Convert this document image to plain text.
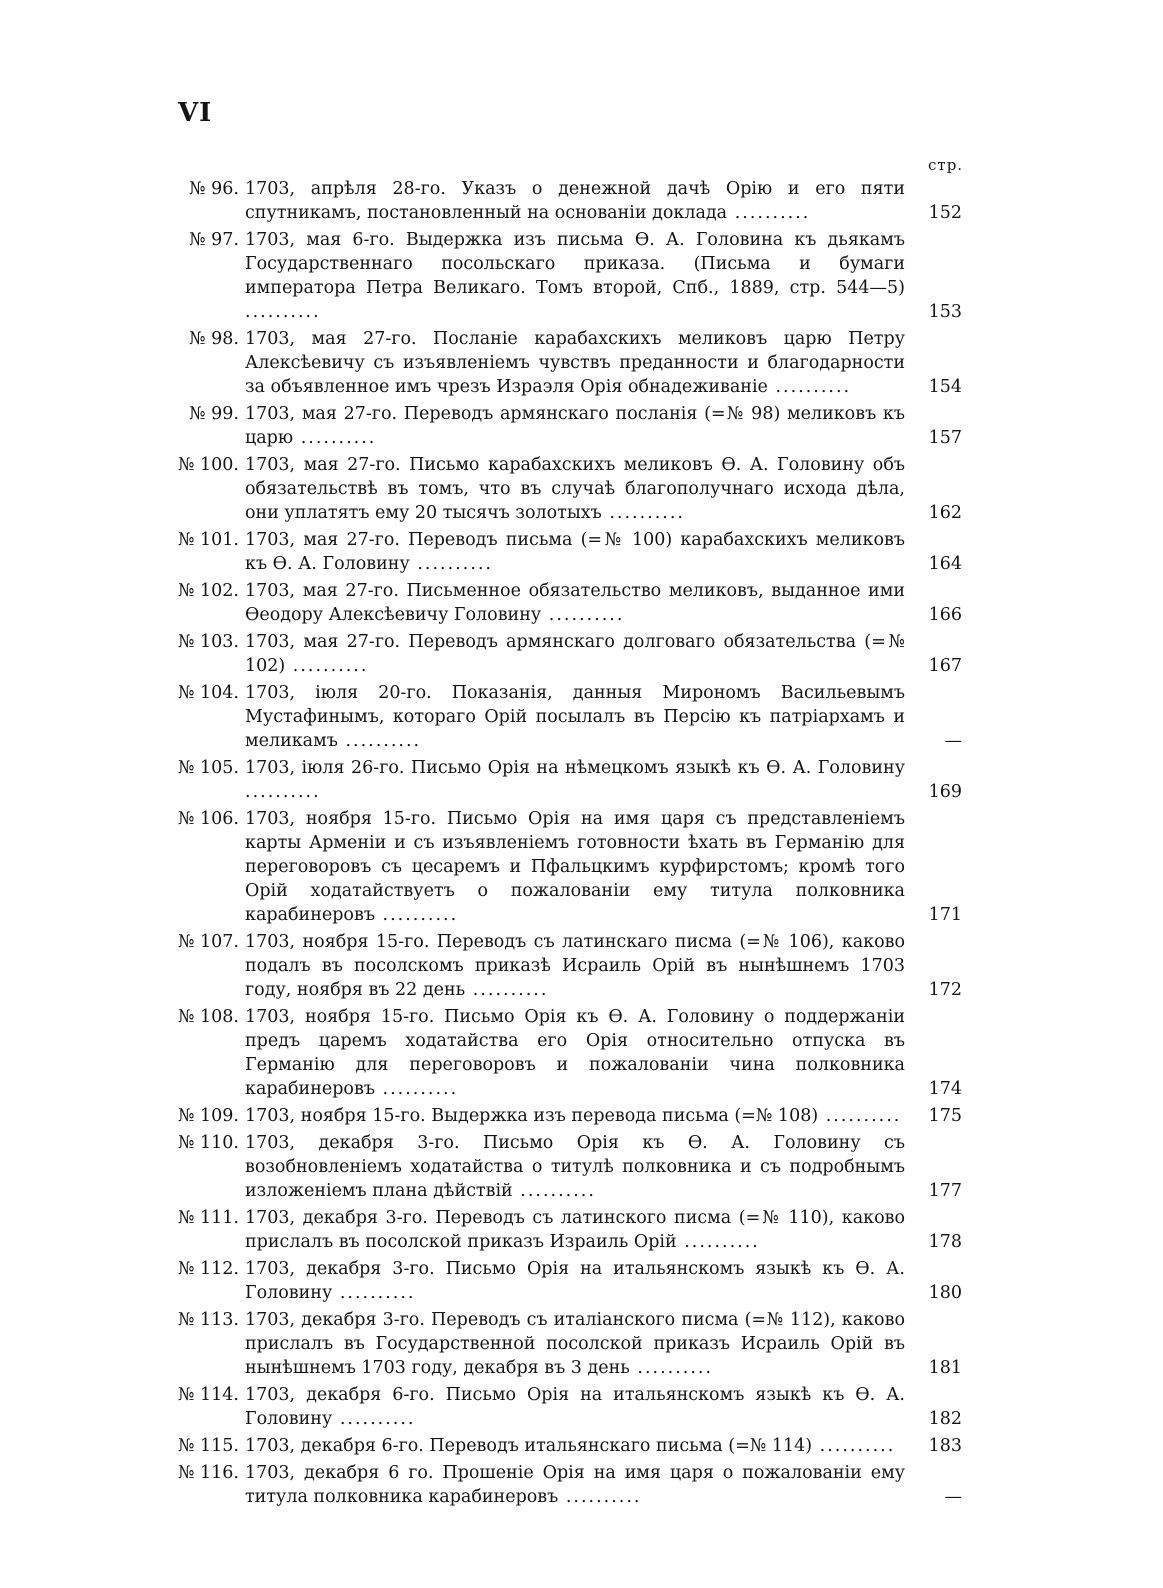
VI
стр.
№ 96. 1703, апрѣля 28-го. Указъ о денежной дачѣ Орію и его пяти спутникамъ, постановленный на основаніи доклада ..........	152
№ 97. 1703, мая 6-го. Выдержка изъ письма Ѳ. А. Головина къ дьякамъ Государственнаго посольскаго приказа. (Письма и бумаги императора Петра Великаго. Томъ второй, Спб., 1889, стр. 544—5) ..........	153
№ 98. 1703, мая 27-го. Посланіе карабахскихъ меликовъ царю Петру Алексѣевичу съ изъявленіемъ чувствъ преданности и благодарности за объявленное имъ чрезъ Израэля Орія обнадеживаніе ..........	154
№ 99. 1703, мая 27-го. Переводъ армянскаго посланія (=№ 98) меликовъ къ царю ..........	157
№ 100. 1703, мая 27-го. Письмо карабахскихъ меликовъ Ѳ. А. Головину объ обязательствѣ въ томъ, что въ случаѣ благополучнаго исхода дѣла, они уплатятъ ему 20 тысячъ золотыхъ ..........	162
№ 101. 1703, мая 27-го. Переводъ письма (=№ 100) карабахскихъ меликовъ къ Ѳ. А. Головину ..........	164
№ 102. 1703, мая 27-го. Письменное обязательство меликовъ, выданное ими Ѳеодору Алексѣевичу Головину ..........	166
№ 103. 1703, мая 27-го. Переводъ армянскаго долговаго обязательства (=№ 102) ..........	167
№ 104. 1703, іюля 20-го. Показанія, данныя Мирономъ Васильевымъ Мустафинымъ, котораго Орій посылалъ въ Персію къ патріархамъ и меликамъ ..........	—
№ 105. 1703, іюля 26-го. Письмо Орія на нѣмецкомъ языкѣ къ Ѳ. А. Головину ..........	169
№ 106. 1703, ноября 15-го. Письмо Орія на имя царя съ представленіемъ карты Арменіи и съ изъявленіемъ готовности ѣхать въ Германію для переговоровъ съ цесаремъ и Пфальцкимъ курфирстомъ; кромѣ того Орій ходатайствуетъ о пожалованіи ему титула полковника карабинеровъ ..........	171
№ 107. 1703, ноября 15-го. Переводъ съ латинскаго писма (=№ 106), каково подалъ въ посолскомъ приказѣ Исраиль Орій въ нынѣшнемъ 1703 году, ноября въ 22 день ..........	172
№ 108. 1703, ноября 15-го. Письмо Орія къ Ѳ. А. Головину о поддержаніи предъ царемъ ходатайства его Орія относительно отпуска въ Германію для переговоровъ и пожалованіи чина полковника карабинеровъ ..........	174
№ 109. 1703, ноября 15-го. Выдержка изъ перевода письма (=№ 108) ..........	175
№ 110. 1703, декабря 3-го. Письмо Орія къ Ѳ. А. Головину съ возобновленіемъ ходатайства о титулѣ полковника и съ подробнымъ изложеніемъ плана дѣйствій ..........	177
№ 111. 1703, декабря 3-го. Переводъ съ латинского писма (=№ 110), каково прислалъ въ посолской приказъ Израиль Орій ..........	178
№ 112. 1703, декабря 3-го. Письмо Орія на итальянскомъ языкѣ къ Ѳ. А. Головину ..........	180
№ 113. 1703, декабря 3-го. Переводъ съ италіанского писма (=№ 112), каково прислалъ въ Государственной посолской приказъ Исраиль Орій въ нынѣшнемъ 1703 году, декабря въ 3 день ..........	181
№ 114. 1703, декабря 6-го. Письмо Орія на итальянскомъ языкѣ къ Ѳ. А. Головину ..........	182
№ 115. 1703, декабря 6-го. Переводъ итальянскаго письма (=№ 114) ..........	183
№ 116. 1703, декабря 6 го. Прошеніе Орія на имя царя о пожалованіи ему титула полковника карабинеровъ ..........	—
